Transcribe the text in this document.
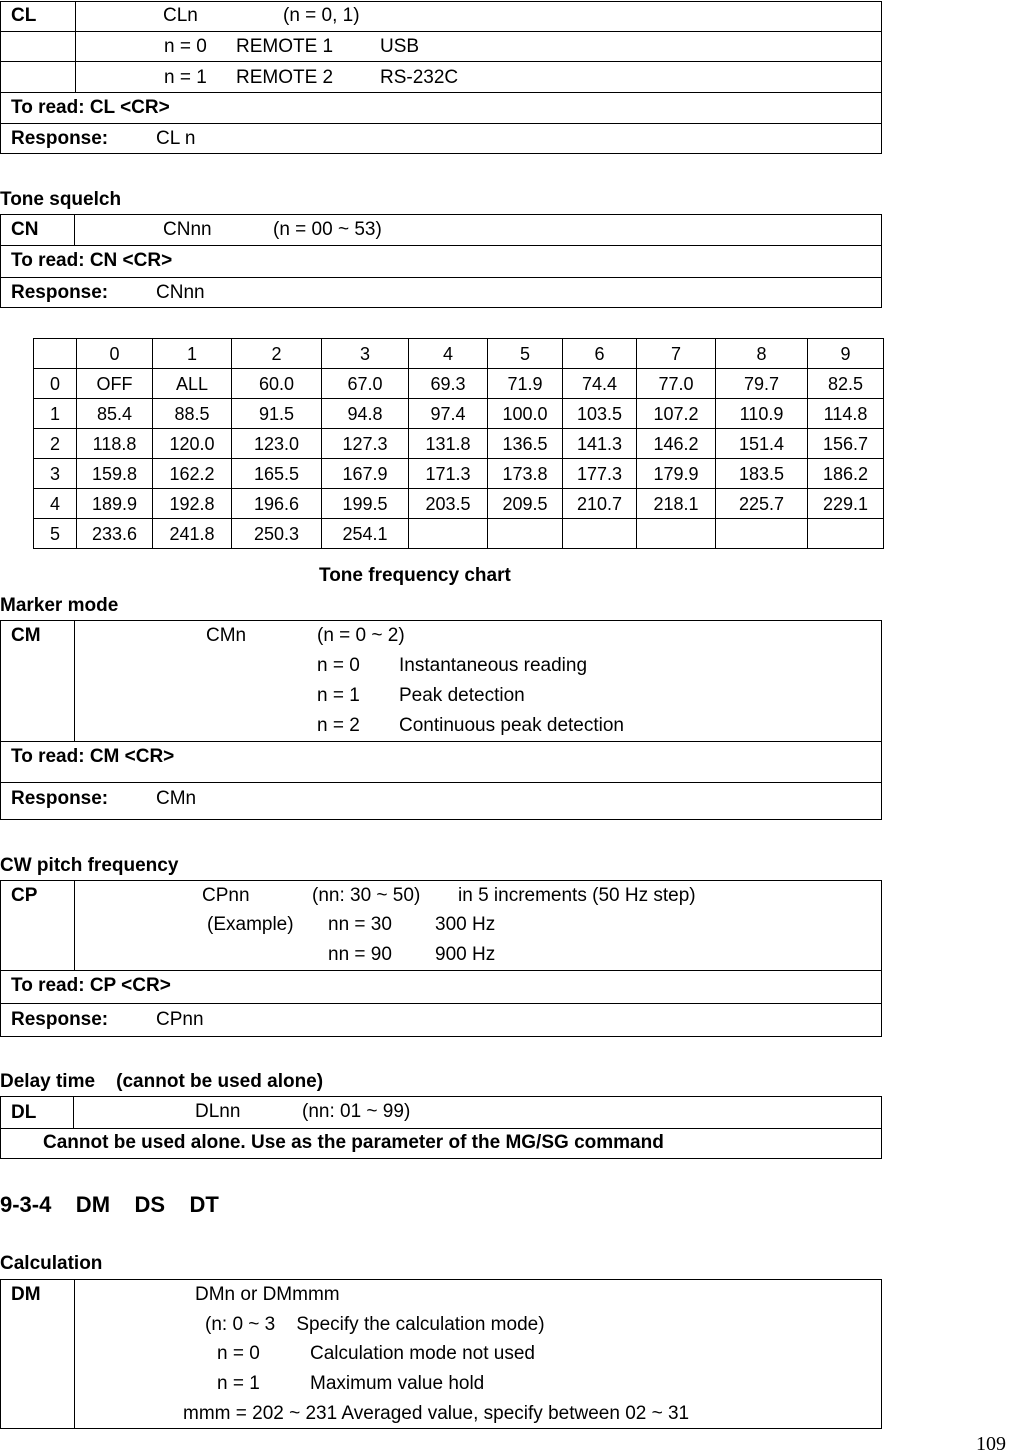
CL	CLn	(n = 0, 1)
n = 0 REMOTE 1 USB
n = 1 REMOTE 2 RS-232C
To read: CL <CR>
Response:	CL n
Tone squelch
CN	CNnn	(n = 00 ~ 53)
To read: CN <CR>
Response:	CNnn
	0	1	2	3	4	5	6	7	8	9
0	OFF	ALL	60.0	67.0	69.3	71.9	74.4	77.0	79.7	82.5
1	85.4	88.5	91.5	94.8	97.4	100.0	103.5	107.2	110.9	114.8
2	118.8	120.0	123.0	127.3	131.8	136.5	141.3	146.2	151.4	156.7
3	159.8	162.2	165.5	167.9	171.3	173.8	177.3	179.9	183.5	186.2
4	189.9	192.8	196.6	199.5	203.5	209.5	210.7	218.1	225.7	229.1
5	233.6	241.8	250.3	254.1						
Tone frequency chart
Marker mode
CM	CMn	(n = 0 ~ 2)
n = 0 Instantaneous reading
n = 1 Peak detection
n = 2 Continuous peak detection
To read: CM <CR>
Response:	CMn
CW pitch frequency
CP	CPnn	(nn: 30 ~ 50) in 5 increments (50 Hz step)
(Example) nn = 30 300 Hz
nn = 90 900 Hz
To read: CP <CR>
Response:	CPnn
Delay time    (cannot be used alone)
DL	DLnn	(nn: 01 ~ 99)
Cannot be used alone. Use as the parameter of the MG/SG command
9-3-4    DM    DS    DT
Calculation
DM	DMn or DMmmm
(n: 0 ~ 3    Specify the calculation mode)
n = 0	Calculation mode not used
n = 1	Maximum value hold
mmm = 202 ~ 231 Averaged value, specify between 02 ~ 31
109
